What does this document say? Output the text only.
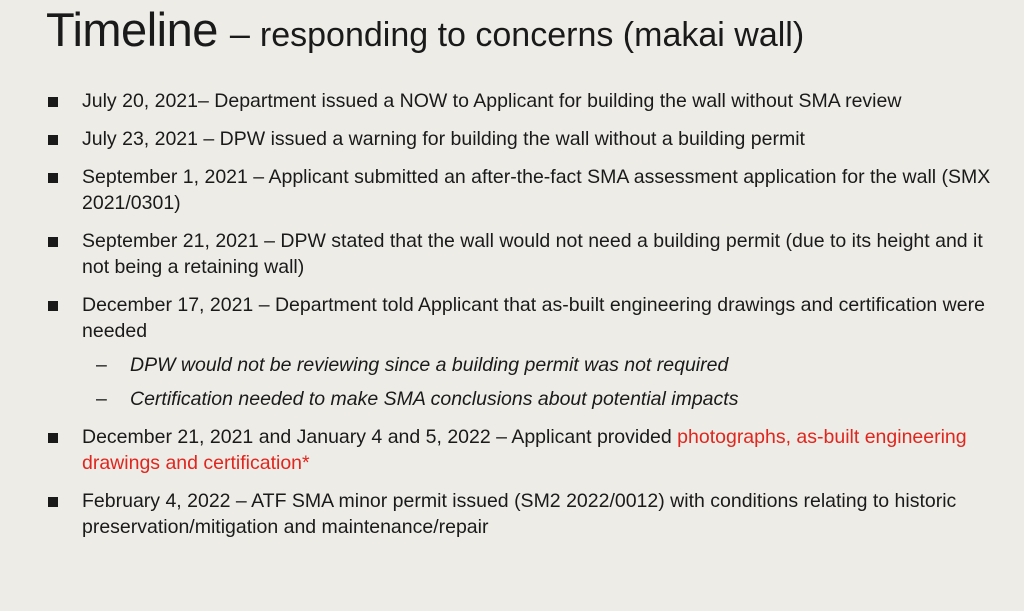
Timeline – responding to concerns (makai wall)
July 20, 2021– Department issued a NOW to Applicant for building the wall without SMA review
July 23, 2021 – DPW issued a warning for building the wall without a building permit
September 1, 2021 – Applicant submitted an after-the-fact SMA assessment application for the wall (SMX 2021/0301)
September 21, 2021 – DPW stated that the wall would not need a building permit (due to its height and it not being a retaining wall)
December 17, 2021 – Department told Applicant that as-built engineering drawings and certification were needed
– DPW would not be reviewing since a building permit was not required
– Certification needed to make SMA conclusions about potential impacts
December 21, 2021 and January 4 and 5, 2022 – Applicant provided photographs, as-built engineering drawings and certification*
February 4, 2022 – ATF SMA minor permit issued (SM2 2022/0012) with conditions relating to historic preservation/mitigation and maintenance/repair
